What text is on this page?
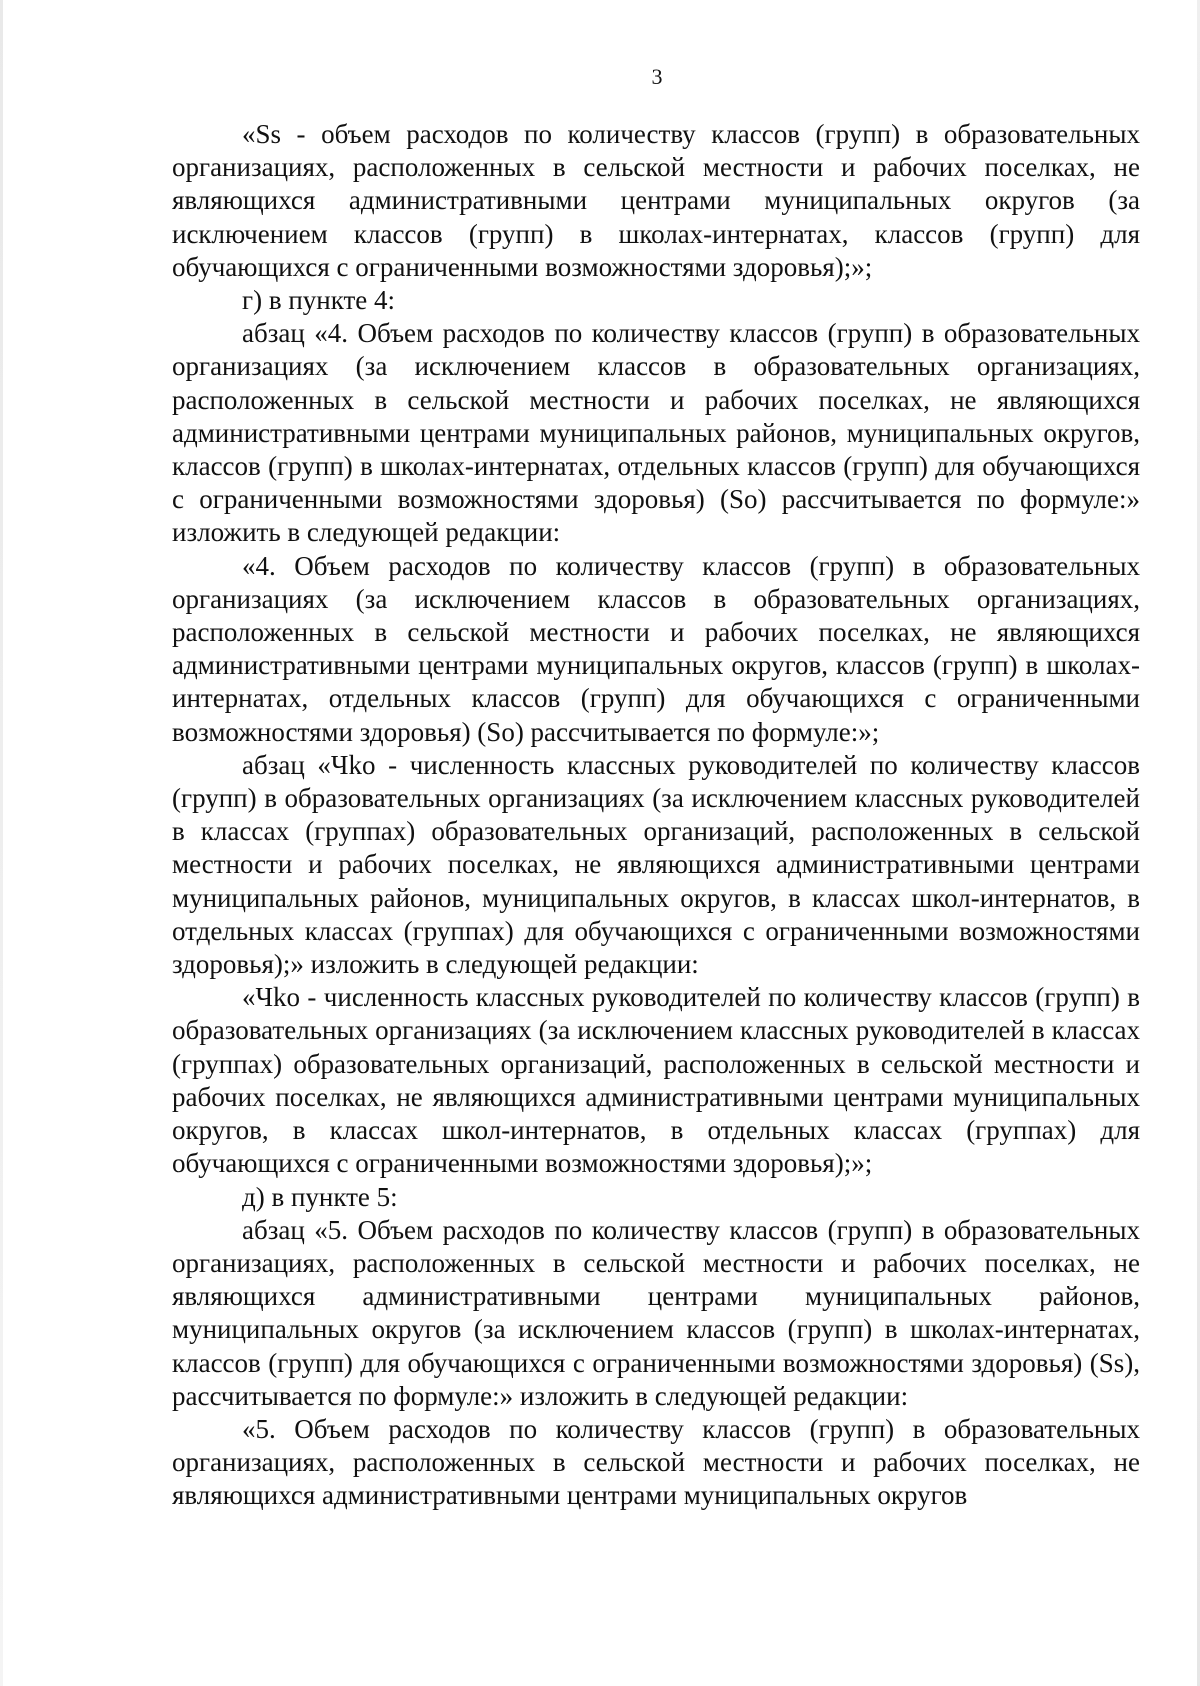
3

«Ss - объем расходов по количеству классов (групп) в образовательных организациях, расположенных в сельской местности и рабочих поселках, не являющихся административными центрами муниципальных округов (за исключением классов (групп) в школах-интернатах, классов (групп) для обучающихся с ограниченными возможностями здоровья);»;

г) в пункте 4:

абзац «4. Объем расходов по количеству классов (групп) в образовательных организациях (за исключением классов в образовательных организациях, расположенных в сельской местности и рабочих поселках, не являющихся административными центрами муниципальных районов, муниципальных округов, классов (групп) в школах-интернатах, отдельных классов (групп) для обучающихся с ограниченными возможностями здоровья) (So) рассчитывается по формуле:» изложить в следующей редакции:

«4. Объем расходов по количеству классов (групп) в образовательных организациях (за исключением классов в образовательных организациях, расположенных в сельской местности и рабочих поселках, не являющихся административными центрами муниципальных округов, классов (групп) в школах-интернатах, отдельных классов (групп) для обучающихся с ограниченными возможностями здоровья) (So) рассчитывается по формуле:»;

абзац «Чko - численность классных руководителей по количеству классов (групп) в образовательных организациях (за исключением классных руководителей в классах (группах) образовательных организаций, расположенных в сельской местности и рабочих поселках, не являющихся административными центрами муниципальных районов, муниципальных округов, в классах школ-интернатов, в отдельных классах (группах) для обучающихся с ограниченными возможностями здоровья);» изложить в следующей редакции:

«Чko - численность классных руководителей по количеству классов (групп) в образовательных организациях (за исключением классных руководителей в классах (группах) образовательных организаций, расположенных в сельской местности и рабочих поселках, не являющихся административными центрами муниципальных округов, в классах школ-интернатов, в отдельных классах (группах) для обучающихся с ограниченными возможностями здоровья);»;

д) в пункте 5:

абзац «5. Объем расходов по количеству классов (групп) в образовательных организациях, расположенных в сельской местности и рабочих поселках, не являющихся административными центрами муниципальных районов, муниципальных округов (за исключением классов (групп) в школах-интернатах, классов (групп) для обучающихся с ограниченными возможностями здоровья) (Ss), рассчитывается по формуле:» изложить в следующей редакции:

«5. Объем расходов по количеству классов (групп) в образовательных организациях, расположенных в сельской местности и рабочих поселках, не являющихся административными центрами муниципальных округов
